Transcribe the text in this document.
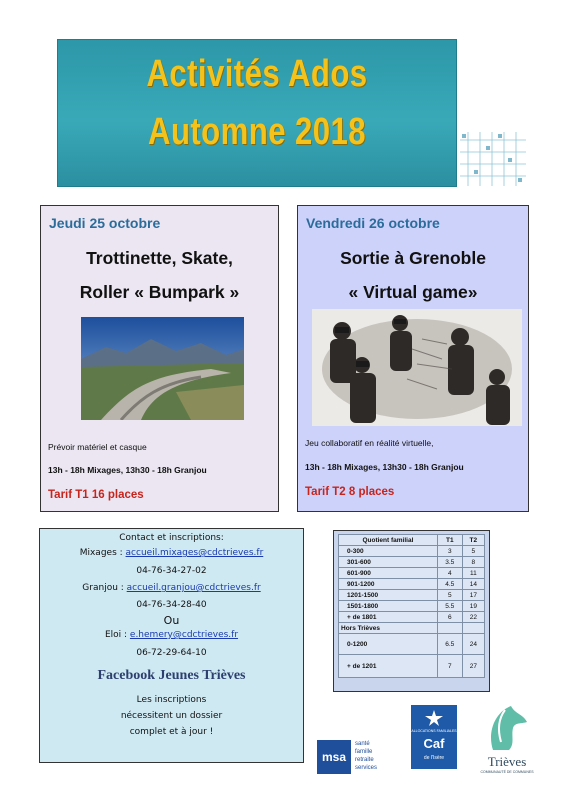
Activités Ados
Automne 2018
Jeudi 25 octobre
Trottinette, Skate,
Roller « Bumpark »
Prévoir matériel et casque
13h - 18h Mixages, 13h30 - 18h Granjou
Tarif T1 16 places
Vendredi 26 octobre
Sortie à Grenoble
« Virtual game»
Jeu collaboratif en réalité virtuelle,
13h - 18h Mixages, 13h30 - 18h Granjou
Tarif T2 8 places
Contact et inscriptions:
Mixages : accueil.mixages@cdctrieves.fr
04-76-34-27-02
Granjou : accueil.granjou@cdctrieves.fr
04-76-34-28-40
Ou
Eloi : e.hemery@cdctrieves.fr
06-72-29-64-10
Facebook Jeunes Trièves
Les inscriptions
nécessitent un dossier
complet et à jour !
Quotient familial	T1	T2
0-300	3	5
301-600	3.5	8
601-900	4	11
901-1200	4.5	14
1201-1500	5	17
1501-1800	5.5	19
+ de 1801	6	22
Hors Trièves		
0-1200	6.5	24
+ de 1201	7	27
msa
santé
famille
retraite
services
ALLOCATIONS FAMILIALES
Caf
de l'Isère	Trièves
COMMUNAUTÉ DE COMMUNES
